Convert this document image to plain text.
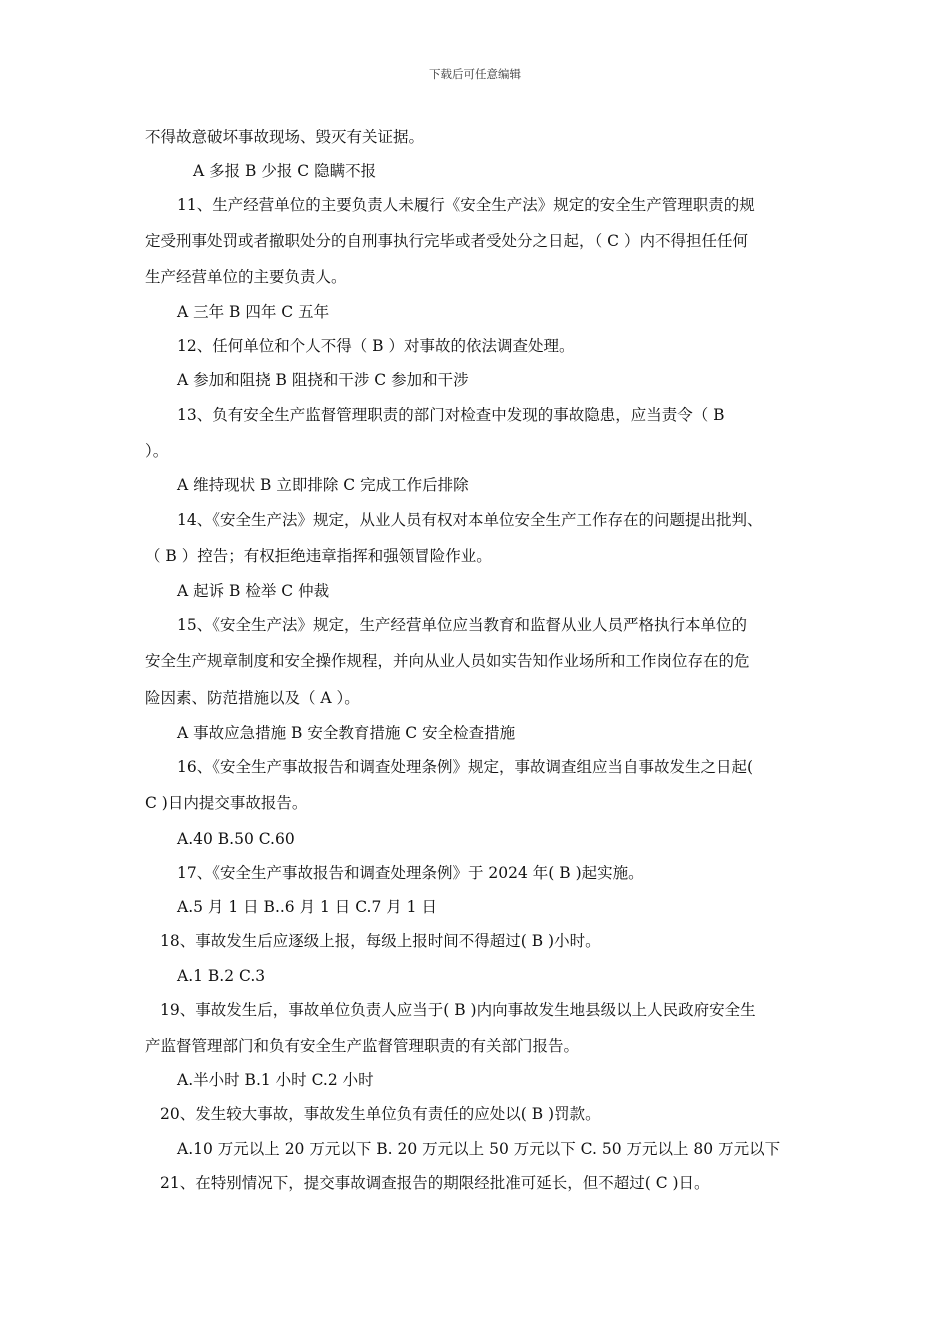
下载后可任意编辑
不得故意破坏事故现场、毁灭有关证据。
A 多报 B 少报 C 隐瞒不报
11、生产经营单位的主要负责人未履行《安全生产法》规定的安全生产管理职责的规
定受刑事处罚或者撤职处分的自刑事执行完毕或者受处分之日起，（ C ）内不得担任任何
生产经营单位的主要负责人。
A 三年 B 四年 C 五年
12、任何单位和个人不得（ B ）对事故的依法调查处理。
A 参加和阻挠 B 阻挠和干涉 C 参加和干涉
13、负有安全生产监督管理职责的部门对检查中发现的事故隐患，应当责令（ B
）。
A 维持现状 B 立即排除 C 完成工作后排除
14、《安全生产法》规定，从业人员有权对本单位安全生产工作存在的问题提出批判、
（ B ）控告；有权拒绝违章指挥和强领冒险作业。
A 起诉 B 检举 C 仲裁
15、《安全生产法》规定，生产经营单位应当教育和监督从业人员严格执行本单位的
安全生产规章制度和安全操作规程，并向从业人员如实告知作业场所和工作岗位存在的危
险因素、防范措施以及（ A ）。
A 事故应急措施 B 安全教育措施 C 安全检查措施
16、《安全生产事故报告和调查处理条例》规定，事故调查组应当自事故发生之日起(
C )日内提交事故报告。
A.40 B.50 C.60
17、《安全生产事故报告和调查处理条例》于 2024 年( B )起实施。
A.5 月 1 日 B..6 月 1 日 C.7 月 1 日
18、事故发生后应逐级上报，每级上报时间不得超过( B )小时。
A.1 B.2 C.3
19、事故发生后，事故单位负责人应当于( B )内向事故发生地县级以上人民政府安全生
产监督管理部门和负有安全生产监督管理职责的有关部门报告。
A.半小时 B.1 小时 C.2 小时
20、发生较大事故，事故发生单位负有责任的应处以( B )罚款。
A.10 万元以上 20 万元以下 B. 20 万元以上 50 万元以下 C. 50 万元以上 80 万元以下
21、在特别情况下，提交事故调查报告的期限经批准可延长，但不超过( C )日。
